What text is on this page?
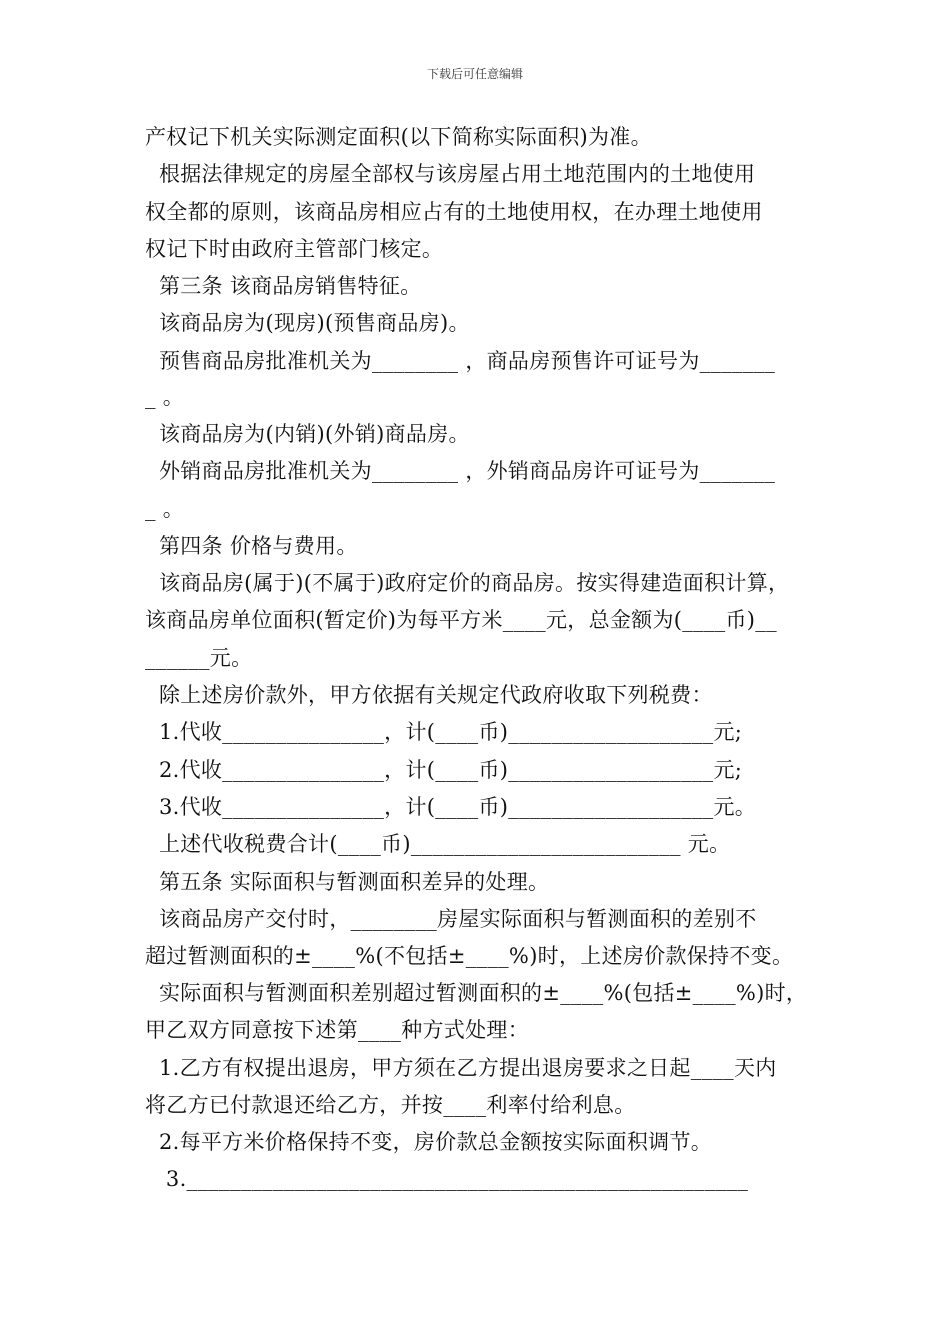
下载后可任意编辑
产权记下机关实际测定面积(以下简称实际面积)为准。
根据法律规定的房屋全部权与该房屋占用土地范围内的土地使用
权全都的原则，该商品房相应占有的土地使用权，在办理土地使用
权记下时由政府主管部门核定。
第三条 该商品房销售特征。
该商品房为(现房)(预售商品房)。
预售商品房批准机关为________ ，商品房预售许可证号为_______
_ 。
该商品房为(内销)(外销)商品房。
外销商品房批准机关为________ ，外销商品房许可证号为_______
_ 。
第四条 价格与费用。
该商品房(属于)(不属于)政府定价的商品房。按实得建造面积计算，
该商品房单位面积(暂定价)为每平方米____元，总金额为(____币)__
______元。
除上述房价款外，甲方依据有关规定代政府收取下列税费：
1.代收_______________，计(____币)___________________元;
2.代收_______________，计(____币)___________________元;
3.代收_______________，计(____币)___________________元。
上述代收税费合计(____币)_________________________ 元。
第五条 实际面积与暂测面积差异的处理。
该商品房产交付时，________房屋实际面积与暂测面积的差别不
超过暂测面积的±____%(不包括±____%)时，上述房价款保持不变。
实际面积与暂测面积差别超过暂测面积的±____%(包括±____%)时，
甲乙双方同意按下述第____种方式处理：
1.乙方有权提出退房，甲方须在乙方提出退房要求之日起____天内
将乙方已付款退还给乙方，并按____利率付给利息。
2.每平方米价格保持不变，房价款总金额按实际面积调节。
3.____________________________________________________
